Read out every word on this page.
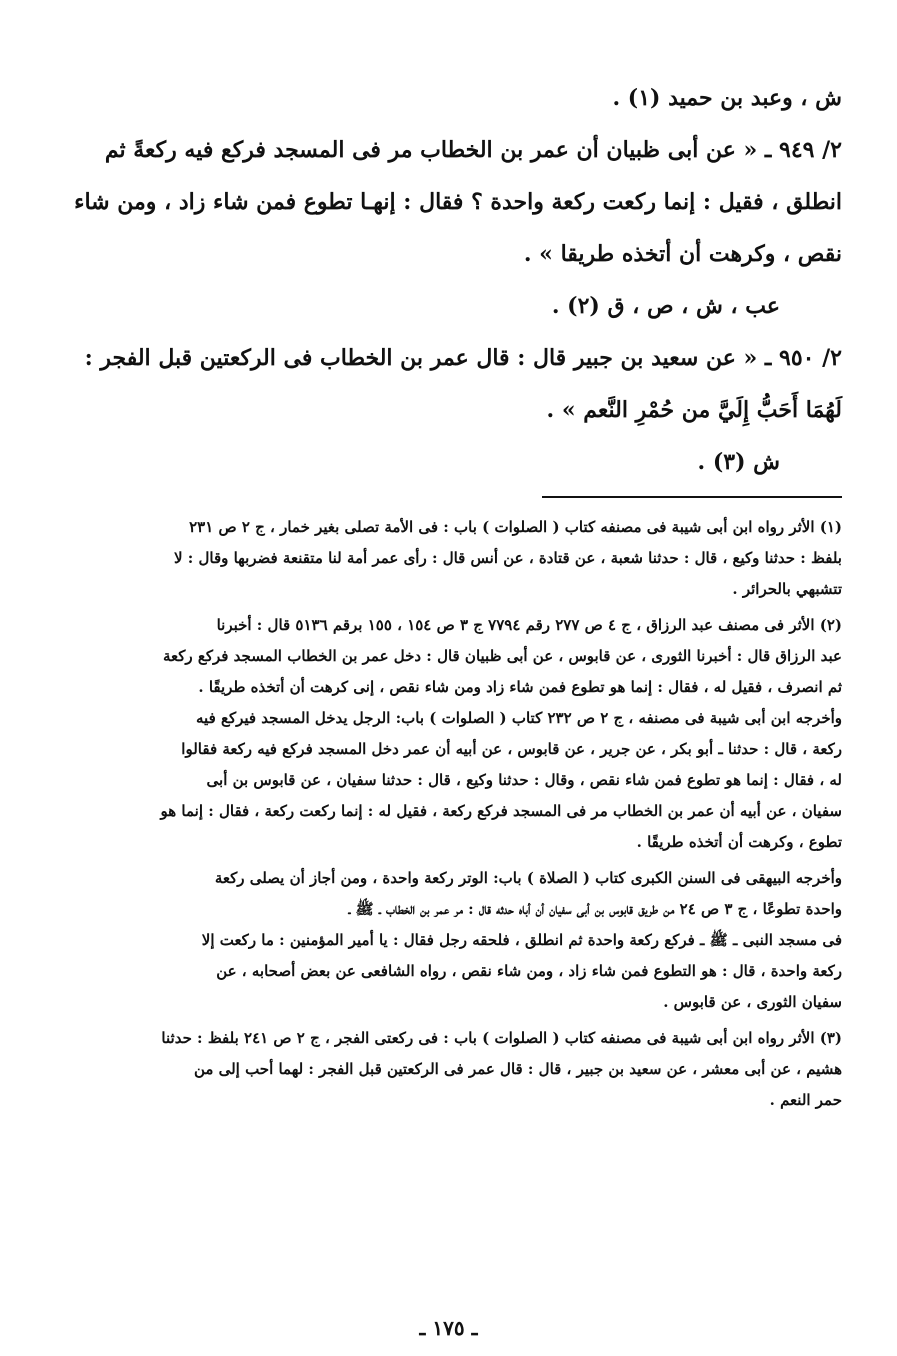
ش ، وعبد بن حميد (١) .

٢/ ٩٤٩ ـ « عن أبى ظبيان أن عمر بن الخطاب مر فى المسجد فركع فيه ركعةً ثم

انطلق ، فقيل : إنما ركعت ركعة واحدة ؟ فقال : إنهـا تطوع فمن شاء زاد ، ومن شاء

نقص ، وكرهت أن أتخذه طريقا » .

عب ، ش ، ص ، ق (٢) .

٢/ ٩٥٠ ـ « عن سعيد بن جبير قال : قال عمر بن الخطاب فى الركعتين قبل الفجر :

لَهُمَا أَحَبُّ إِلَيَّ من حُمْرِ النَّعم » .

ش (٣) .

(١) الأثر رواه ابن أبى شيبة فى مصنفه كتاب ( الصلوات ) باب : فى الأمة تصلى بغير خمار ، ج ٢ ص ٢٣١

بلفظ : حدثنا وكيع ، قال : حدثنا شعبة ، عن قتادة ، عن أنس قال : رأى عمر أمة لنا متقنعة فضربها وقال : لا

تتشبهي بالحرائر .

(٢) الأثر فى مصنف عبد الرزاق ، ج ٤ ص ٢٧٧ رقم ٧٧٩٤ ج ٣ ص ١٥٤ ، ١٥٥ برقم ٥١٣٦ قال : أخبرنا

عبد الرزاق قال : أخبرنا الثورى ، عن قابوس ، عن أبى ظبيان قال : دخل عمر بن الخطاب المسجد فركع ركعة

ثم انصرف ، فقيل له ، فقال : إنما هو تطوع فمن شاء زاد ومن شاء نقص ، إنى كرهت أن أتخذه طريقًا .

وأخرجه ابن أبى شيبة فى مصنفه ، ج ٢ ص ٢٣٢ كتاب ( الصلوات ) باب: الرجل يدخل المسجد فيركع فيه

ركعة ، قال : حدثنا ـ أبو بكر ، عن جرير ، عن قابوس ، عن أبيه أن عمر دخل المسجد فركع فيه ركعة فقالوا

له ، فقال : إنما هو تطوع فمن شاء نقص ، وقال : حدثنا وكيع ، قال : حدثنا سفيان ، عن قابوس بن أبى

سفيان ، عن أبيه أن عمر بن الخطاب مر فى المسجد فركع ركعة ، فقيل له : إنما ركعت ركعة ، فقال : إنما هو

تطوع ، وكرهت أن أتخذه طريقًا .

وأخرجه البيهقى فى السنن الكبرى كتاب ( الصلاة ) باب: الوتر ركعة واحدة ، ومن أجاز أن يصلى ركعة

واحدة تطوعًا ، ج ٣ ص ٢٤ من طريق قابوس بن أبى سفيان أن أباه حدثه قال : مر عمر بن الخطاب ـ ﷺ ـ

فى مسجد النبى ـ ﷺ ـ فركع ركعة واحدة ثم انطلق ، فلحقه رجل فقال : يا أمير المؤمنين : ما ركعت إلا

ركعة واحدة ، قال : هو التطوع فمن شاء زاد ، ومن شاء نقص ، رواه الشافعى عن بعض أصحابه ، عن

سفيان الثورى ، عن قابوس .

(٣) الأثر رواه ابن أبى شيبة فى مصنفه كتاب ( الصلوات ) باب : فى ركعتى الفجر ، ج ٢ ص ٢٤١ بلفظ : حدثنا

هشيم ، عن أبى معشر ، عن سعيد بن جبير ، قال : قال عمر فى الركعتين قبل الفجر : لهما أحب إلى من

حمر النعم .

ـ ١٧٥ ـ
